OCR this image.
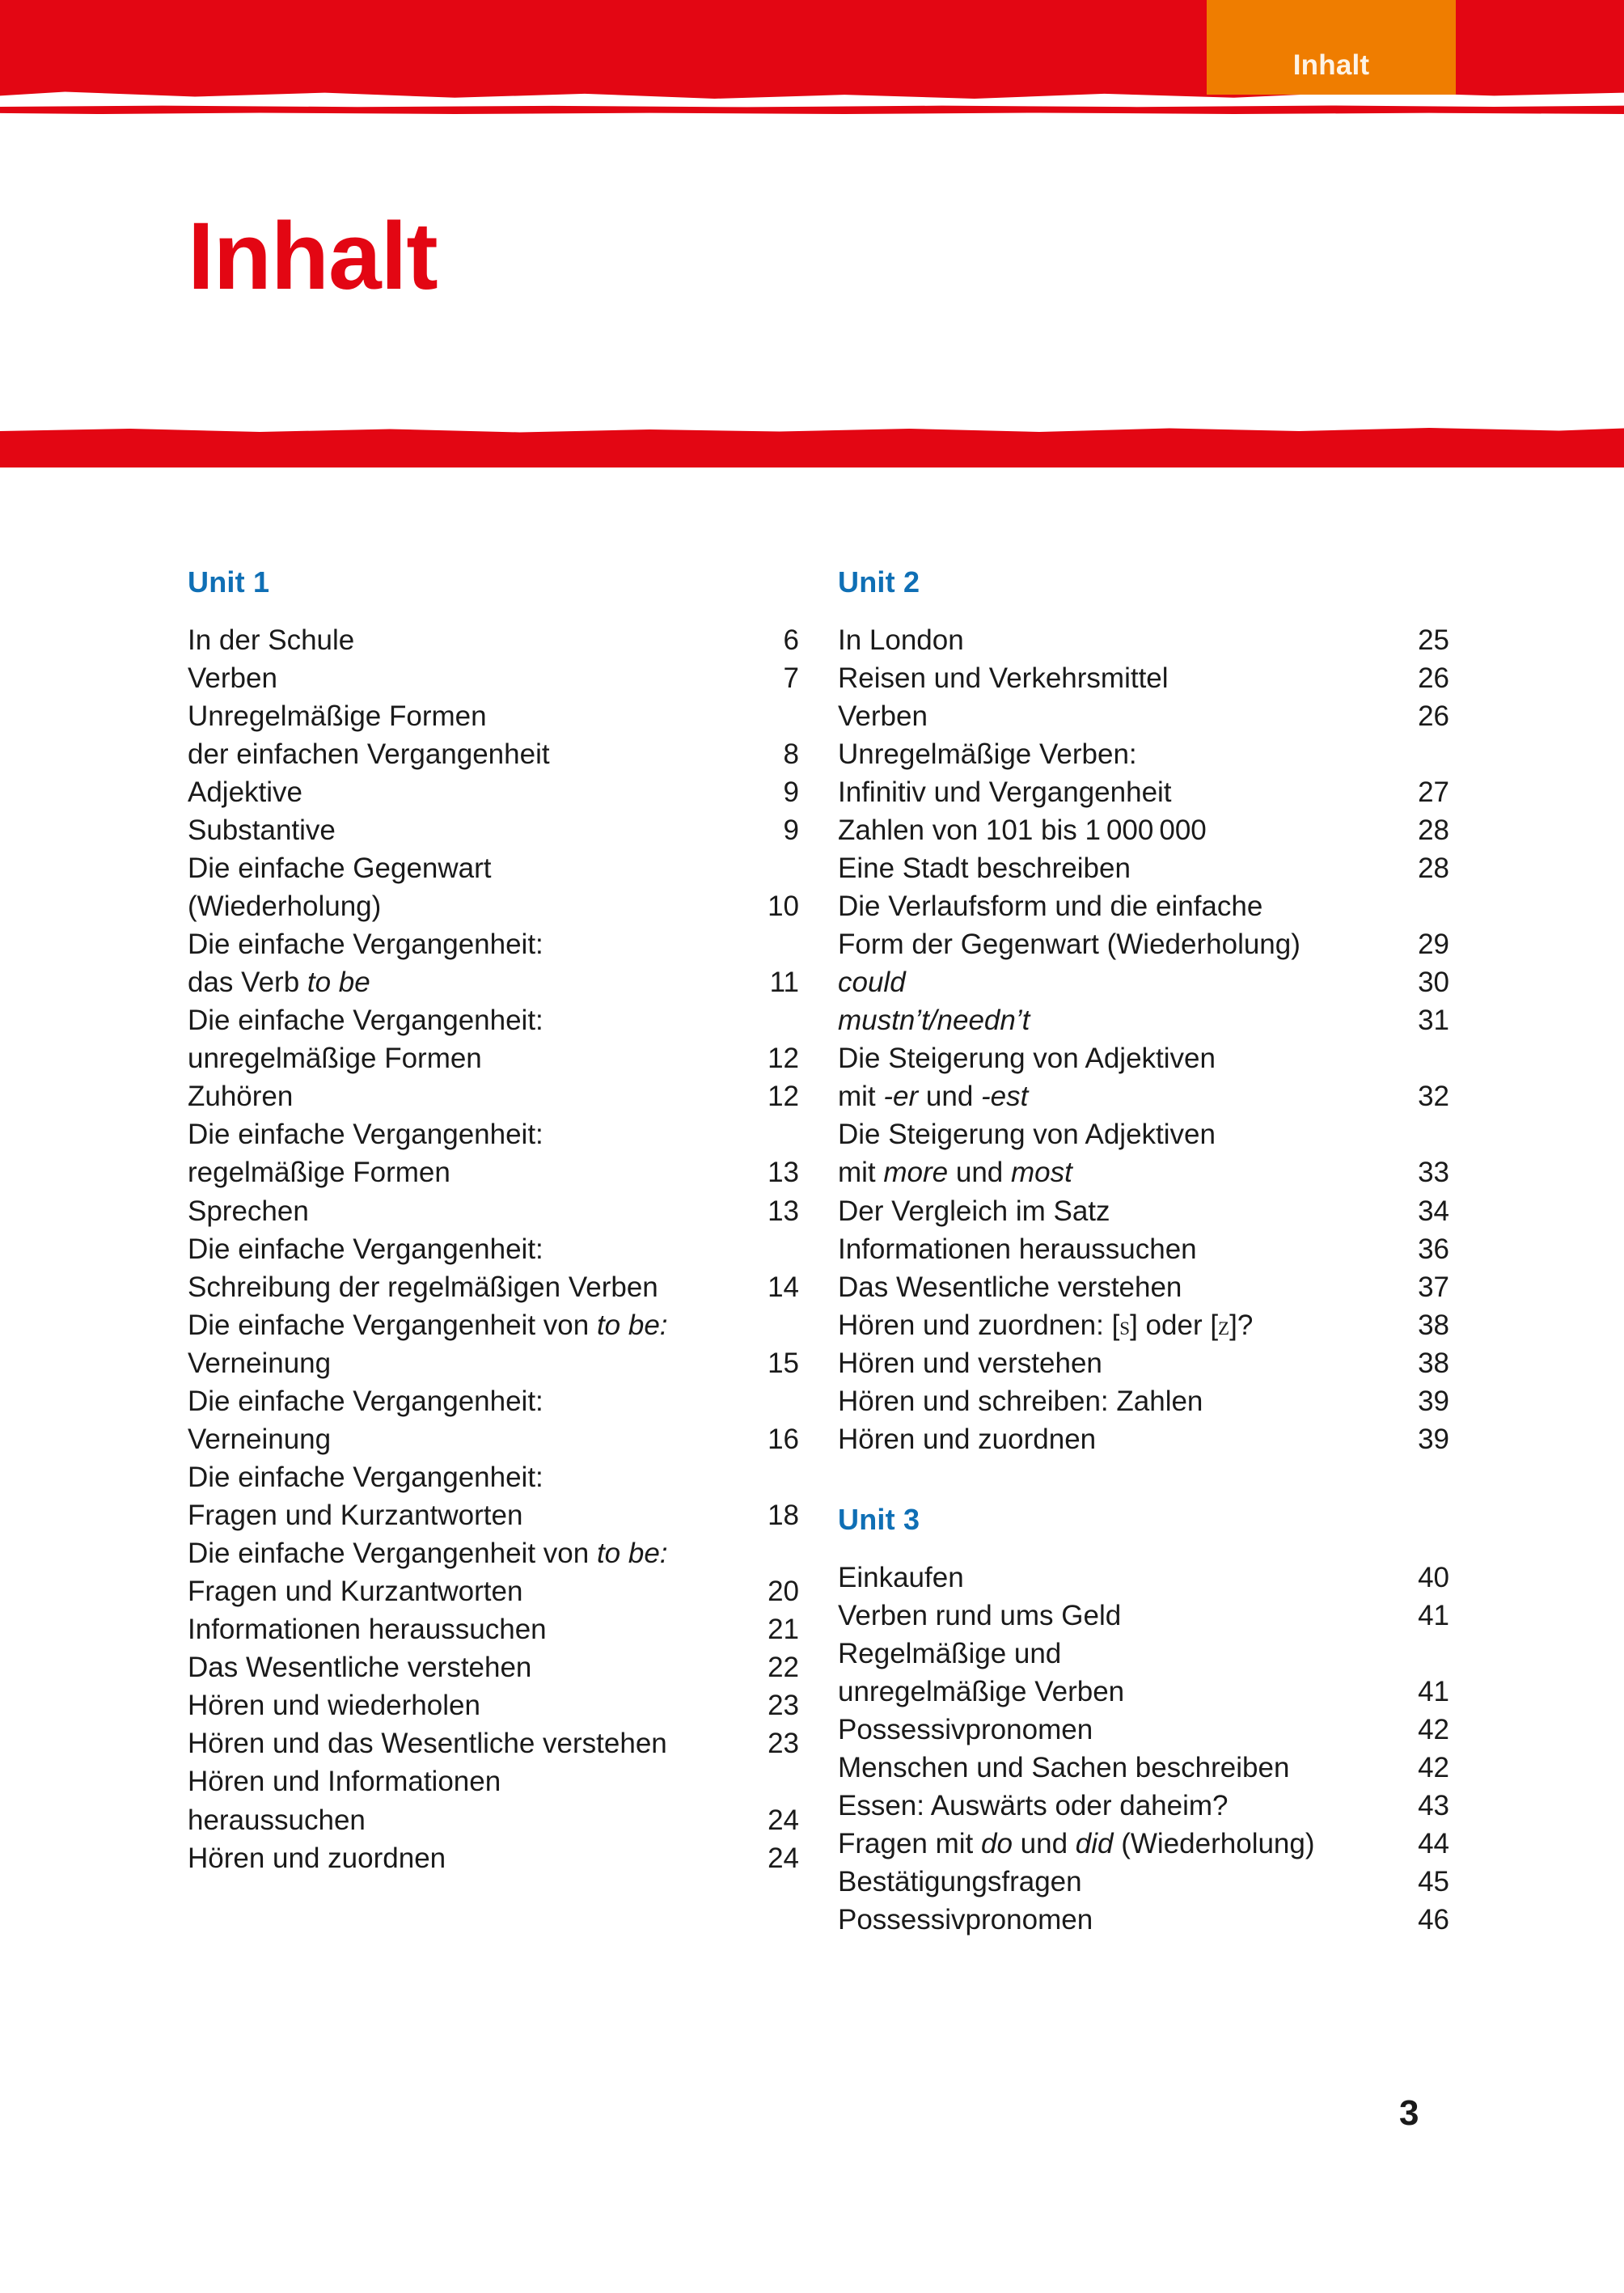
Inhalt
Inhalt
Unit 1
In der Schule	6
Verben	7
Unregelmäßige Formen
der einfachen Vergangenheit	8
Adjektive	9
Substantive	9
Die einfache Gegenwart
(Wiederholung)	10
Die einfache Vergangenheit:
das Verb to be	11
Die einfache Vergangenheit:
unregelmäßige Formen	12
Zuhören	12
Die einfache Vergangenheit:
regelmäßige Formen	13
Sprechen	13
Die einfache Vergangenheit:
Schreibung der regelmäßigen Verben	14
Die einfache Vergangenheit von to be:
Verneinung	15
Die einfache Vergangenheit:
Verneinung	16
Die einfache Vergangenheit:
Fragen und Kurzantworten	18
Die einfache Vergangenheit von to be:
Fragen und Kurzantworten	20
Informationen heraussuchen	21
Das Wesentliche verstehen	22
Hören und wiederholen	23
Hören und das Wesentliche verstehen	23
Hören und Informationen
heraussuchen	24
Hören und zuordnen	24
Unit 2
In London	25
Reisen und Verkehrsmittel	26
Verben	26
Unregelmäßige Verben:
Infinitiv und Vergangenheit	27
Zahlen von 101 bis 1 000 000	28
Eine Stadt beschreiben	28
Die Verlaufsform und die einfache
Form der Gegenwart (Wiederholung)	29
could	30
mustn’t/needn’t	31
Die Steigerung von Adjektiven
mit -er und -est	32
Die Steigerung von Adjektiven
mit more und most	33
Der Vergleich im Satz	34
Informationen heraussuchen	36
Das Wesentliche verstehen	37
Hören und zuordnen: [s] oder [z]?	38
Hören und verstehen	38
Hören und schreiben: Zahlen	39
Hören und zuordnen	39
Unit 3
Einkaufen	40
Verben rund ums Geld	41
Regelmäßige und
unregelmäßige Verben	41
Possessivpronomen	42
Menschen und Sachen beschreiben	42
Essen: Auswärts oder daheim?	43
Fragen mit do und did (Wiederholung)	44
Bestätigungsfragen	45
Possessivpronomen	46
3
